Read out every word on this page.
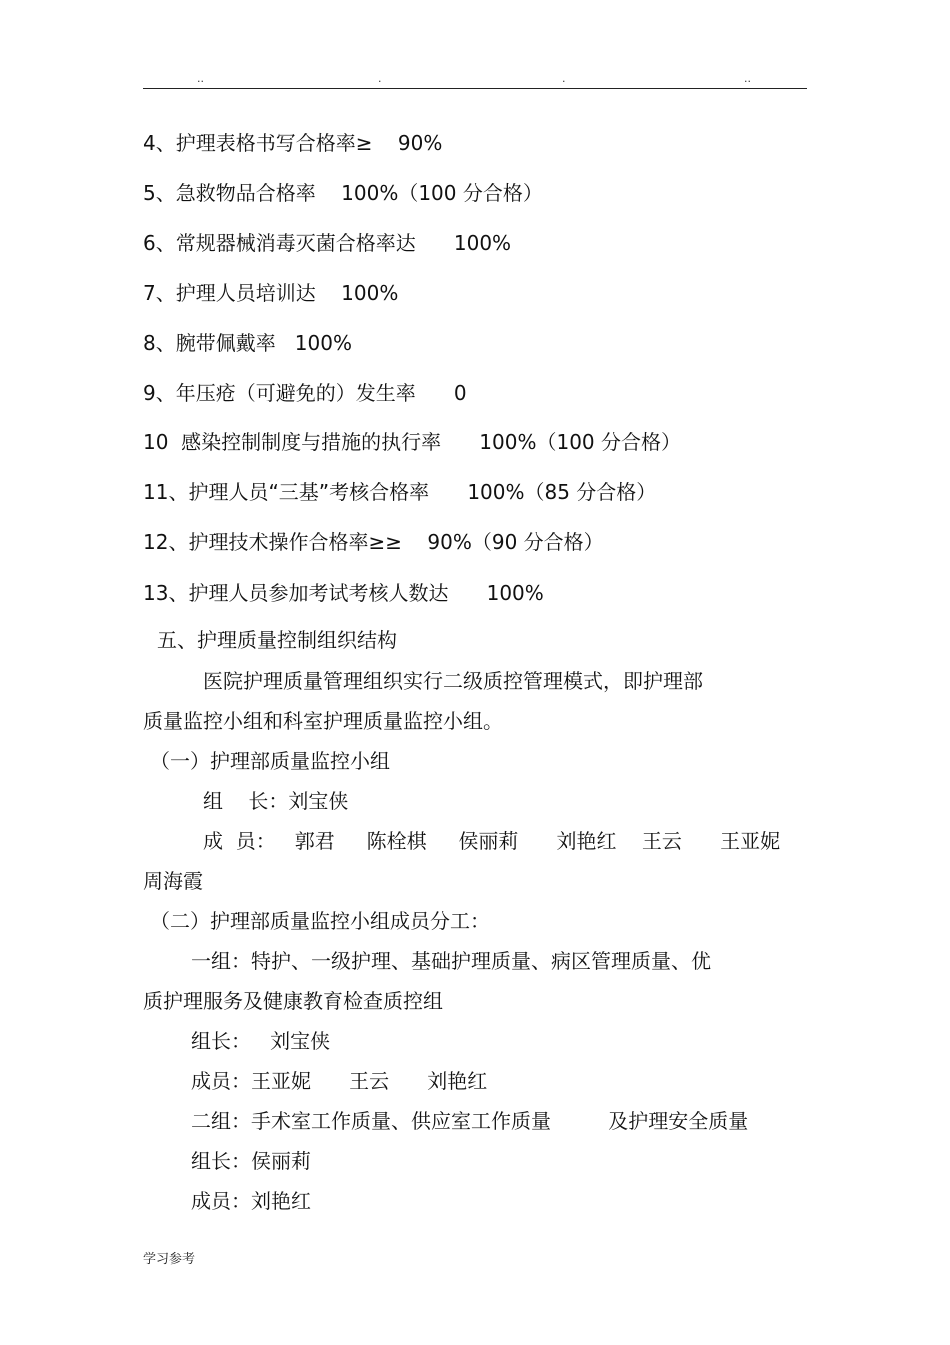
..	.	.	..
4、护理表格书写合格率≥    90%
5、急救物品合格率    100%（100 分合格）
6、常规器械消毒灭菌合格率达      100%
7、护理人员培训达    100%
8、腕带佩戴率   100%
9、年压疮（可避免的）发生率      0
10  感染控制制度与措施的执行率      100%（100 分合格）
11、护理人员“三基”考核合格率      100%（85 分合格）
12、护理技术操作合格率≥≥    90%（90 分合格）
13、护理人员参加考试考核人数达      100%
五、护理质量控制组织结构
医院护理质量管理组织实行二级质控管理模式，即护理部
质量监控小组和科室护理质量监控小组。
（一）护理部质量监控小组
组    长：刘宝侠
成  员：   郭君     陈栓棋     侯丽莉      刘艳红    王云      王亚妮
周海霞
（二）护理部质量监控小组成员分工：
一组：特护、一级护理、基础护理质量、病区管理质量、优
质护理服务及健康教育检查质控组
组长：   刘宝侠
成员：王亚妮      王云      刘艳红
二组：手术室工作质量、供应室工作质量         及护理安全质量
组长：侯丽莉
成员：刘艳红
学习参考
